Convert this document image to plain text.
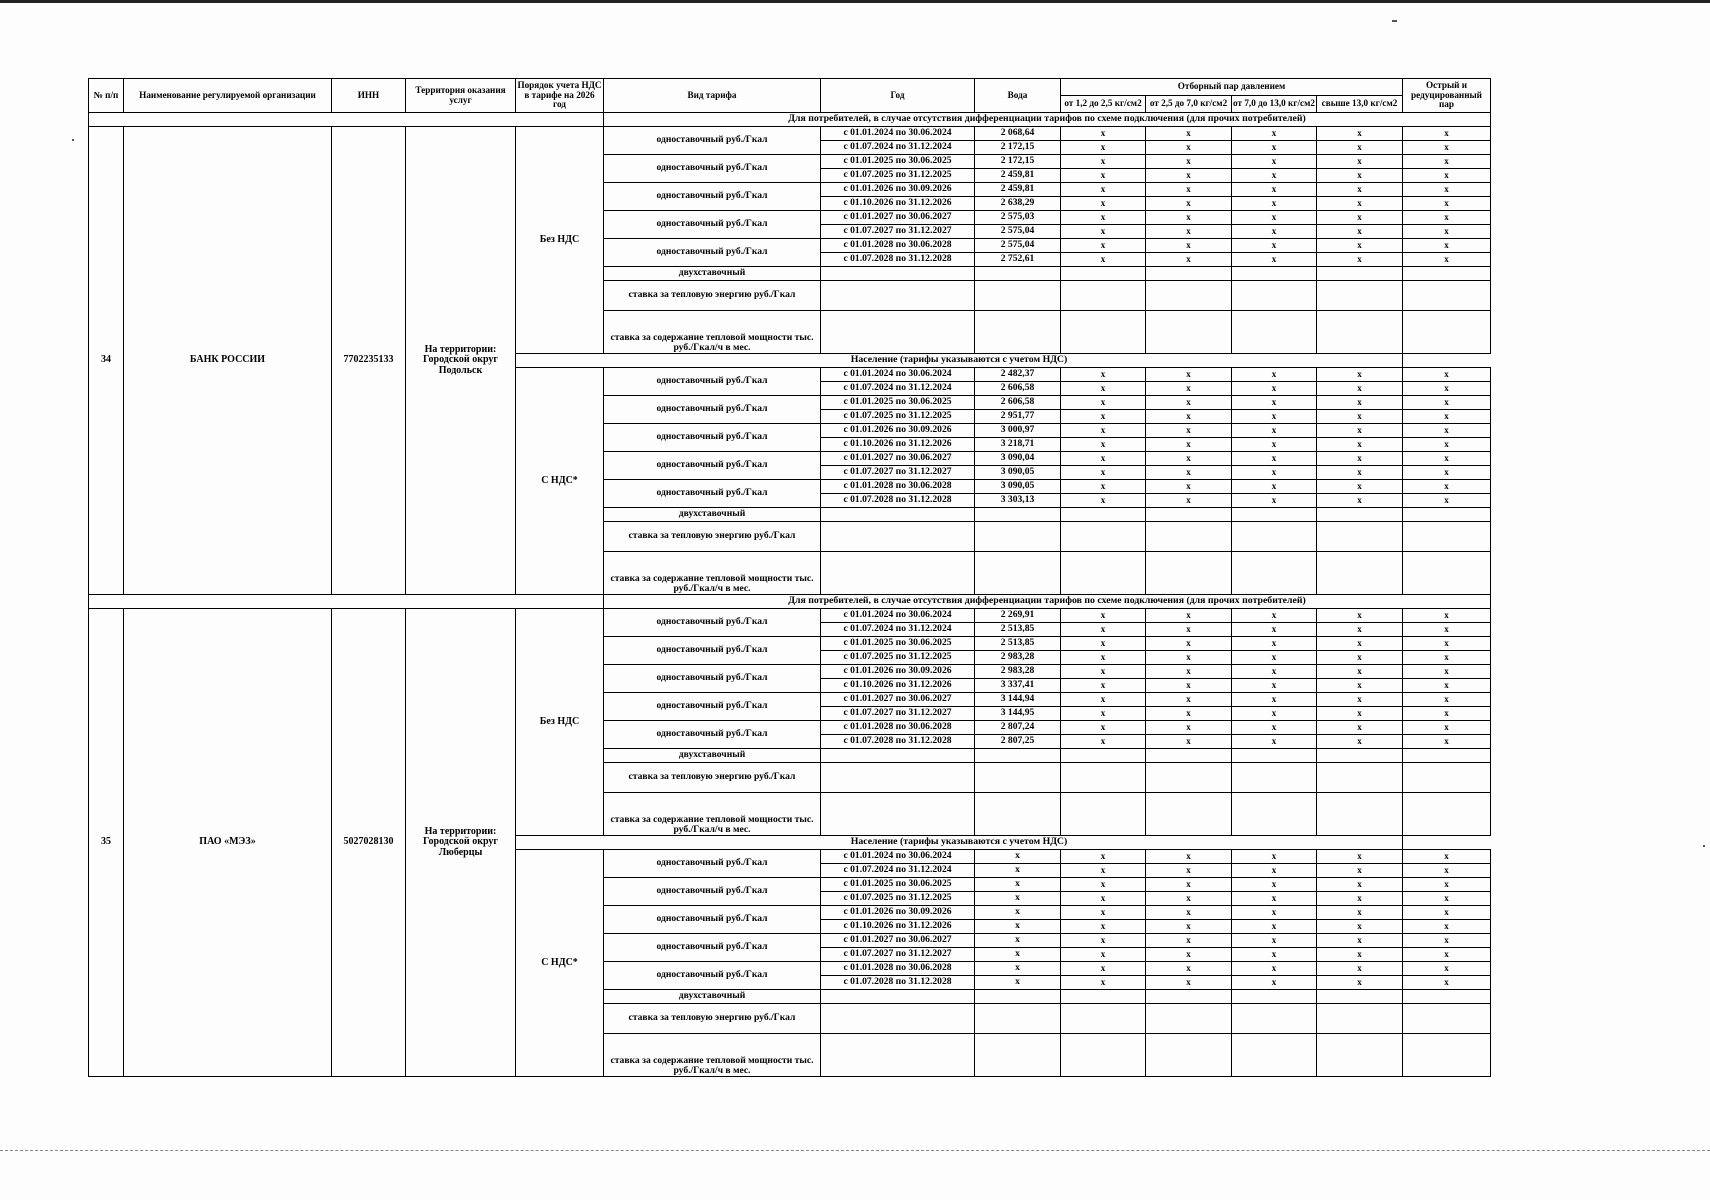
№ п/п	Наименование регулируемой организации	ИНН	Территория оказания услуг	Порядок учета НДС в тарифе на 2026 год	Вид тарифа	Год	Вода	Отборный пар давлением				Острый и редуцированный пар
								от 1,2 до 2,5 кг/см2	от 2,5 до 7,0 кг/см2	от 7,0 до 13,0 кг/см2	свыше 13,0 кг/см2	

					Для потребителей, в случае отсутствия дифференциации тарифов по схеме подключения (для прочих потребителей)							
34	БАНК РОССИИ	7702235133	На территории: Городской округ Подольск	Без НДС	одноставочный руб./Гкал	с 01.01.2024 по 30.06.2024	2 068,64	x	x	x	x	x
						с 01.07.2024 по 31.12.2024	2 172,15	x	x	x	x	x
					одноставочный руб./Гкал	с 01.01.2025 по 30.06.2025	2 172,15	x	x	x	x	x
						с 01.07.2025 по 31.12.2025	2 459,81	x	x	x	x	x
					одноставочный руб./Гкал	с 01.01.2026 по 30.09.2026	2 459,81	x	x	x	x	x
						с 01.10.2026 по 31.12.2026	2 638,29	x	x	x	x	x
					одноставочный руб./Гкал	с 01.01.2027 по 30.06.2027	2 575,03	x	x	x	x	x
						с 01.07.2027 по 31.12.2027	2 575,04	x	x	x	x	x
					одноставочный руб./Гкал	с 01.01.2028 по 30.06.2028	2 575,04	x	x	x	x	x
						с 01.07.2028 по 31.12.2028	2 752,61	x	x	x	x	x
					двухставочный							
					ставка за тепловую энергию руб./Гкал							
					ставка за содержание тепловой мощности тыс. руб./Гкал/ч в мес.							
				Население (тарифы указываются с учетом НДС)								
				С НДС*	одноставочный руб./Гкал	с 01.01.2024 по 30.06.2024	2 482,37	x	x	x	x	x
						с 01.07.2024 по 31.12.2024	2 606,58	x	x	x	x	x
					одноставочный руб./Гкал	с 01.01.2025 по 30.06.2025	2 606,58	x	x	x	x	x
						с 01.07.2025 по 31.12.2025	2 951,77	x	x	x	x	x
					одноставочный руб./Гкал	с 01.01.2026 по 30.09.2026	3 000,97	x	x	x	x	x
						с 01.10.2026 по 31.12.2026	3 218,71	x	x	x	x	x
					одноставочный руб./Гкал	с 01.01.2027 по 30.06.2027	3 090,04	x	x	x	x	x
						с 01.07.2027 по 31.12.2027	3 090,05	x	x	x	x	x
					одноставочный руб./Гкал	с 01.01.2028 по 30.06.2028	3 090,05	x	x	x	x	x
						с 01.07.2028 по 31.12.2028	3 303,13	x	x	x	x	x
					двухставочный							
					ставка за тепловую энергию руб./Гкал							
					ставка за содержание тепловой мощности тыс. руб./Гкал/ч в мес.							
					Для потребителей, в случае отсутствия дифференциации тарифов по схеме подключения (для прочих потребителей)							
35	ПАО «МЭЗ»	5027028130	На территории: Городской округ Люберцы	Без НДС	одноставочный руб./Гкал	с 01.01.2024 по 30.06.2024	2 269,91	x	x	x	x	x
						с 01.07.2024 по 31.12.2024	2 513,85	x	x	x	x	x
					одноставочный руб./Гкал	с 01.01.2025 по 30.06.2025	2 513,85	x	x	x	x	x
						с 01.07.2025 по 31.12.2025	2 983,28	x	x	x	x	x
					одноставочный руб./Гкал	с 01.01.2026 по 30.09.2026	2 983,28	x	x	x	x	x
						с 01.10.2026 по 31.12.2026	3 337,41	x	x	x	x	x
					одноставочный руб./Гкал	с 01.01.2027 по 30.06.2027	3 144,94	x	x	x	x	x
						с 01.07.2027 по 31.12.2027	3 144,95	x	x	x	x	x
					одноставочный руб./Гкал	с 01.01.2028 по 30.06.2028	2 807,24	x	x	x	x	x
						с 01.07.2028 по 31.12.2028	2 807,25	x	x	x	x	x
					двухставочный							
					ставка за тепловую энергию руб./Гкал							
					ставка за содержание тепловой мощности тыс. руб./Гкал/ч в мес.							
				Население (тарифы указываются с учетом НДС)								
				С НДС*	одноставочный руб./Гкал	с 01.01.2024 по 30.06.2024	x	x	x	x	x	x
						с 01.07.2024 по 31.12.2024	x	x	x	x	x	x
					одноставочный руб./Гкал	с 01.01.2025 по 30.06.2025	x	x	x	x	x	x
						с 01.07.2025 по 31.12.2025	x	x	x	x	x	x
					одноставочный руб./Гкал	с 01.01.2026 по 30.09.2026	x	x	x	x	x	x
						с 01.10.2026 по 31.12.2026	x	x	x	x	x	x
					одноставочный руб./Гкал	с 01.01.2027 по 30.06.2027	x	x	x	x	x	x
						с 01.07.2027 по 31.12.2027	x	x	x	x	x	x
					одноставочный руб./Гкал	с 01.01.2028 по 30.06.2028	x	x	x	x	x	x
						с 01.07.2028 по 31.12.2028	x	x	x	x	x	x
					двухставочный							
					ставка за тепловую энергию руб./Гкал							
					ставка за содержание тепловой мощности тыс. руб./Гкал/ч в мес.							
